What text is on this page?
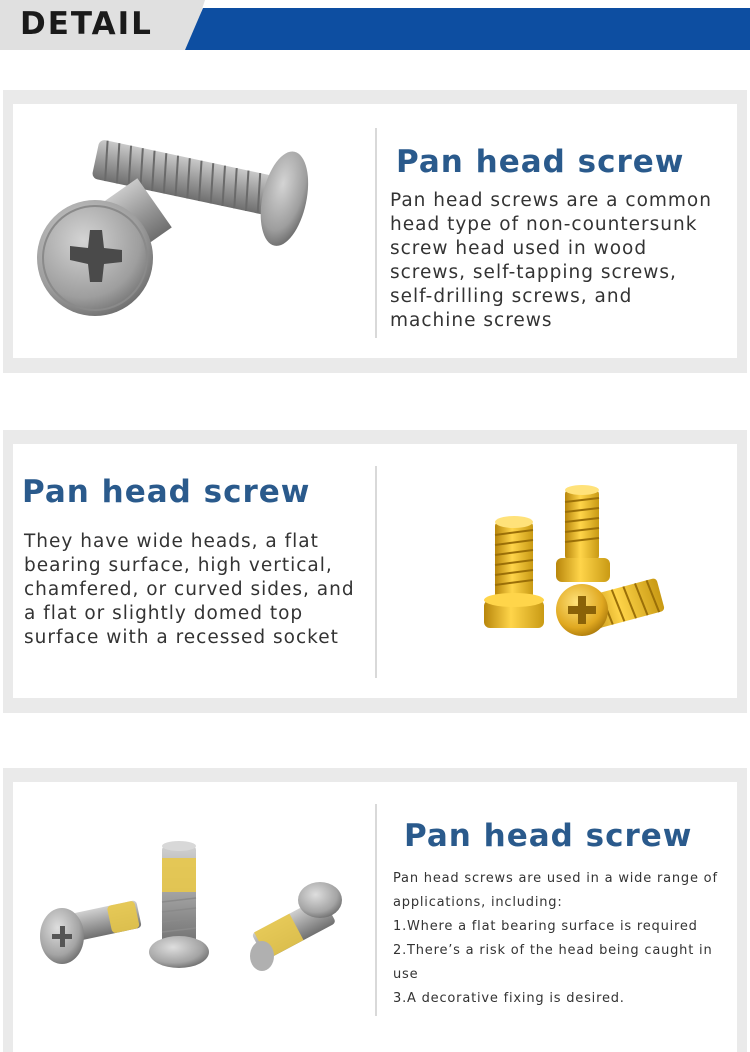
DETAIL
Pan head screw
Pan head screws are a common
head type of non-countersunk
screw head used in wood
screws, self-tapping screws,
self-drilling screws, and
machine screws
Pan head screw
They have wide heads, a flat
bearing surface, high vertical,
chamfered, or curved sides, and
a flat or slightly domed top
surface with a recessed socket
Pan head screw
Pan head screws are used in a wide range of
applications, including:
1.Where a flat bearing surface is required
2.There’s a risk of the head being caught in
use
3.A decorative fixing is desired.
